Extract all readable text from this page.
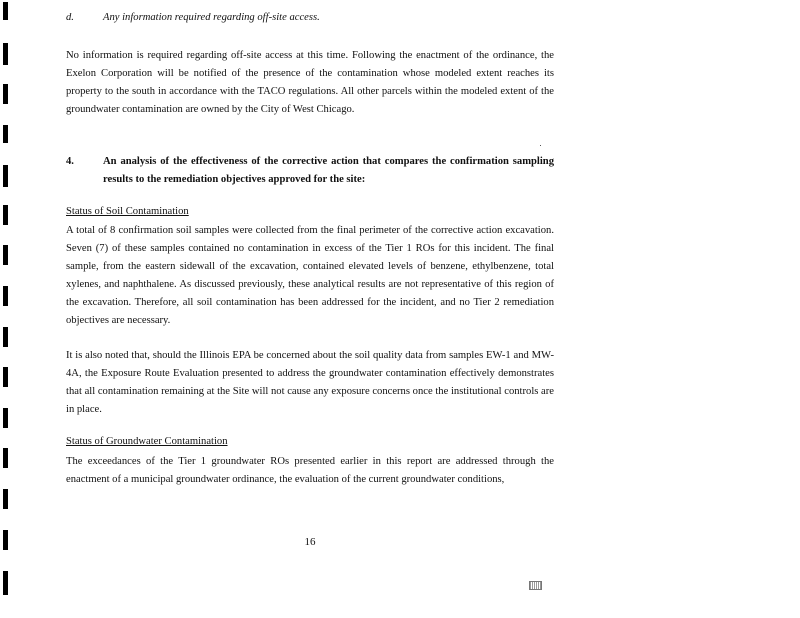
d.	Any information required regarding off-site access.

No information is required regarding off-site access at this time. Following the enactment of the ordinance, the Exelon Corporation will be notified of the presence of the contamination whose modeled extent reaches its property to the south in accordance with the TACO regulations. All other parcels within the modeled extent of the groundwater contamination are owned by the City of West Chicago.

4.	An analysis of the effectiveness of the corrective action that compares the confirmation sampling results to the remediation objectives approved for the site:
Status of Soil Contamination

A total of 8 confirmation soil samples were collected from the final perimeter of the corrective action excavation. Seven (7) of these samples contained no contamination in excess of the Tier 1 ROs for this incident. The final sample, from the eastern sidewall of the excavation, contained elevated levels of benzene, ethylbenzene, total xylenes, and naphthalene. As discussed previously, these analytical results are not representative of this region of the excavation. Therefore, all soil contamination has been addressed for the incident, and no Tier 2 remediation objectives are necessary.

It is also noted that, should the Illinois EPA be concerned about the soil quality data from samples EW-1 and MW-4A, the Exposure Route Evaluation presented to address the groundwater contamination effectively demonstrates that all contamination remaining at the Site will not cause any exposure concerns once the institutional controls are in place.

Status of Groundwater Contamination

The exceedances of the Tier 1 groundwater ROs presented earlier in this report are addressed through the enactment of a municipal groundwater ordinance, the evaluation of the current groundwater conditions,

16
